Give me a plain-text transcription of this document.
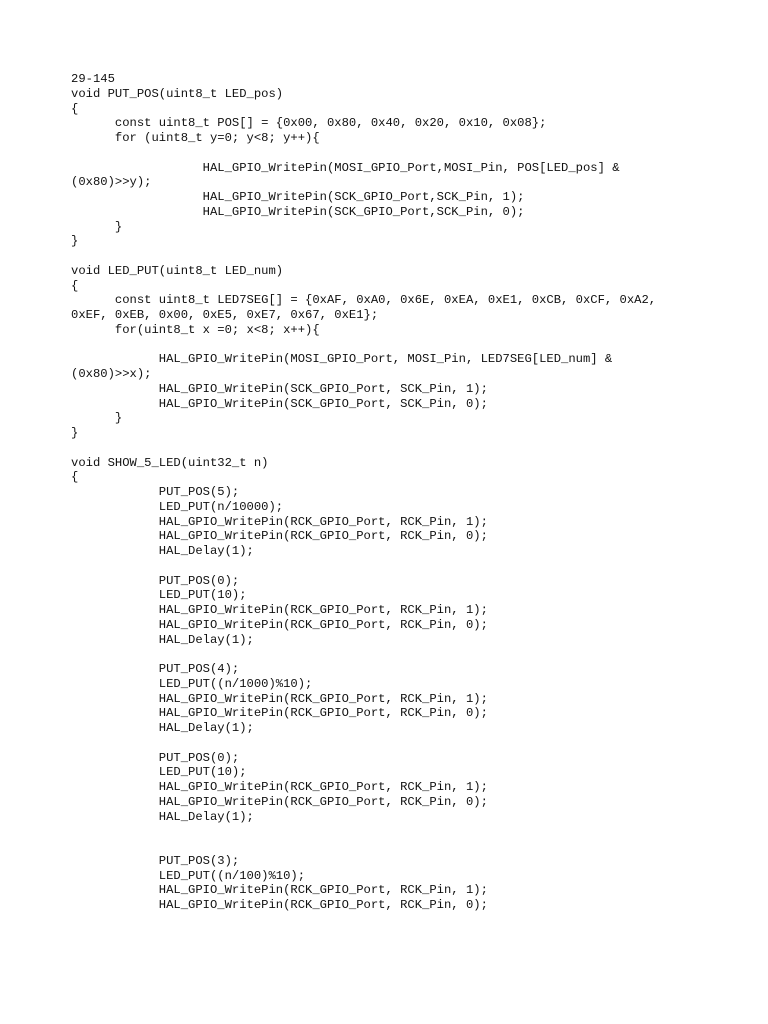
29-145
void PUT_POS(uint8_t LED_pos)
{
const uint8_t POS[] = {0x00, 0x80, 0x40, 0x20, 0x10, 0x08};
for (uint8_t y=0; y<8; y++){
HAL_GPIO_WritePin(MOSI_GPIO_Port,MOSI_Pin, POS[LED_pos] &
(0x80)>>y);
HAL_GPIO_WritePin(SCK_GPIO_Port,SCK_Pin, 1);
HAL_GPIO_WritePin(SCK_GPIO_Port,SCK_Pin, 0);
}
}
void LED_PUT(uint8_t LED_num)
{
const uint8_t LED7SEG[] = {0xAF, 0xA0, 0x6E, 0xEA, 0xE1, 0xCB, 0xCF, 0xA2,
0xEF, 0xEB, 0x00, 0xE5, 0xE7, 0x67, 0xE1};
for(uint8_t x =0; x<8; x++){
HAL_GPIO_WritePin(MOSI_GPIO_Port, MOSI_Pin, LED7SEG[LED_num] &
(0x80)>>x);
HAL_GPIO_WritePin(SCK_GPIO_Port, SCK_Pin, 1);
HAL_GPIO_WritePin(SCK_GPIO_Port, SCK_Pin, 0);
}
}
void SHOW_5_LED(uint32_t n)
{
PUT_POS(5);
LED_PUT(n/10000);
HAL_GPIO_WritePin(RCK_GPIO_Port, RCK_Pin, 1);
HAL_GPIO_WritePin(RCK_GPIO_Port, RCK_Pin, 0);
HAL_Delay(1);
PUT_POS(0);
LED_PUT(10);
HAL_GPIO_WritePin(RCK_GPIO_Port, RCK_Pin, 1);
HAL_GPIO_WritePin(RCK_GPIO_Port, RCK_Pin, 0);
HAL_Delay(1);
PUT_POS(4);
LED_PUT((n/1000)%10);
HAL_GPIO_WritePin(RCK_GPIO_Port, RCK_Pin, 1);
HAL_GPIO_WritePin(RCK_GPIO_Port, RCK_Pin, 0);
HAL_Delay(1);
PUT_POS(0);
LED_PUT(10);
HAL_GPIO_WritePin(RCK_GPIO_Port, RCK_Pin, 1);
HAL_GPIO_WritePin(RCK_GPIO_Port, RCK_Pin, 0);
HAL_Delay(1);
PUT_POS(3);
LED_PUT((n/100)%10);
HAL_GPIO_WritePin(RCK_GPIO_Port, RCK_Pin, 1);
HAL_GPIO_WritePin(RCK_GPIO_Port, RCK_Pin, 0);
